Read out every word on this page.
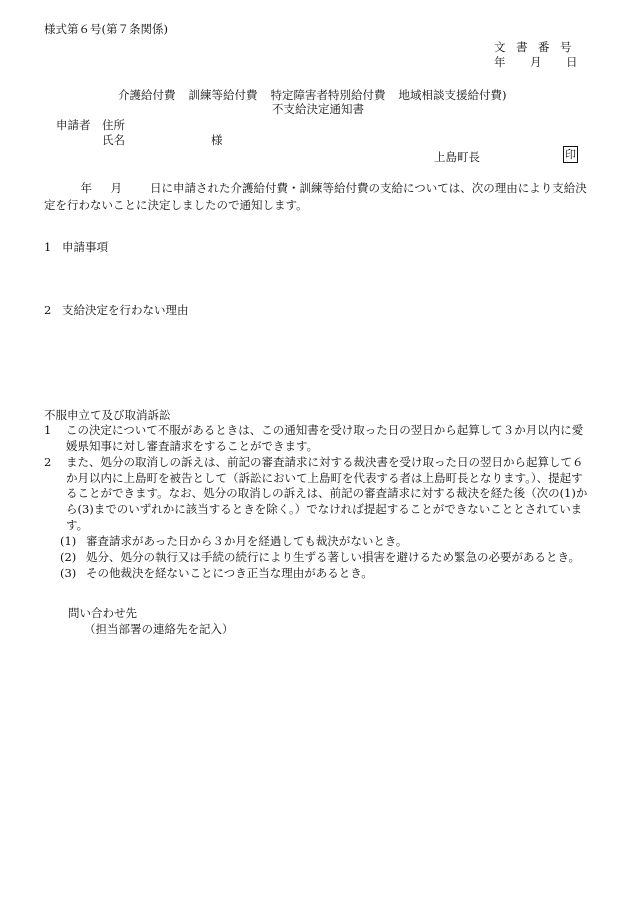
様式第６号(第７条関係)
文 書 番 号
年 月 日
介護給付費 訓練等給付費 特定障害者特別給付費 地域相談支援給付費)
不支給決定通知書
申請者 住所
氏名	様
上島町長	印
年 月 日に申請された介護給付費・訓練等給付費の支給については、次の理由により支給決定を行わないことに決定しましたので通知します。
1 申請事項
2 支給決定を行わない理由
不服申立て及び取消訴訟
1	この決定について不服があるときは、この通知書を受け取った日の翌日から起算して３か月以内に愛媛県知事に対し審査請求をすることができます。
2	また、処分の取消しの訴えは、前記の審査請求に対する裁決書を受け取った日の翌日から起算して６か月以内に上島町を被告として（訴訟において上島町を代表する者は上島町長となります。）、提起することができます。なお、処分の取消しの訴えは、前記の審査請求に対する裁決を経た後（次の(1)から(3)までのいずれかに該当するときを除く。）でなければ提起することができないこととされています。
(1) 審査請求があった日から３か月を経過しても裁決がないとき。
(2) 処分、処分の執行又は手続の続行により生ずる著しい損害を避けるため緊急の必要があるとき。
(3) その他裁決を経ないことにつき正当な理由があるとき。
問い合わせ先
（担当部署の連絡先を記入）
